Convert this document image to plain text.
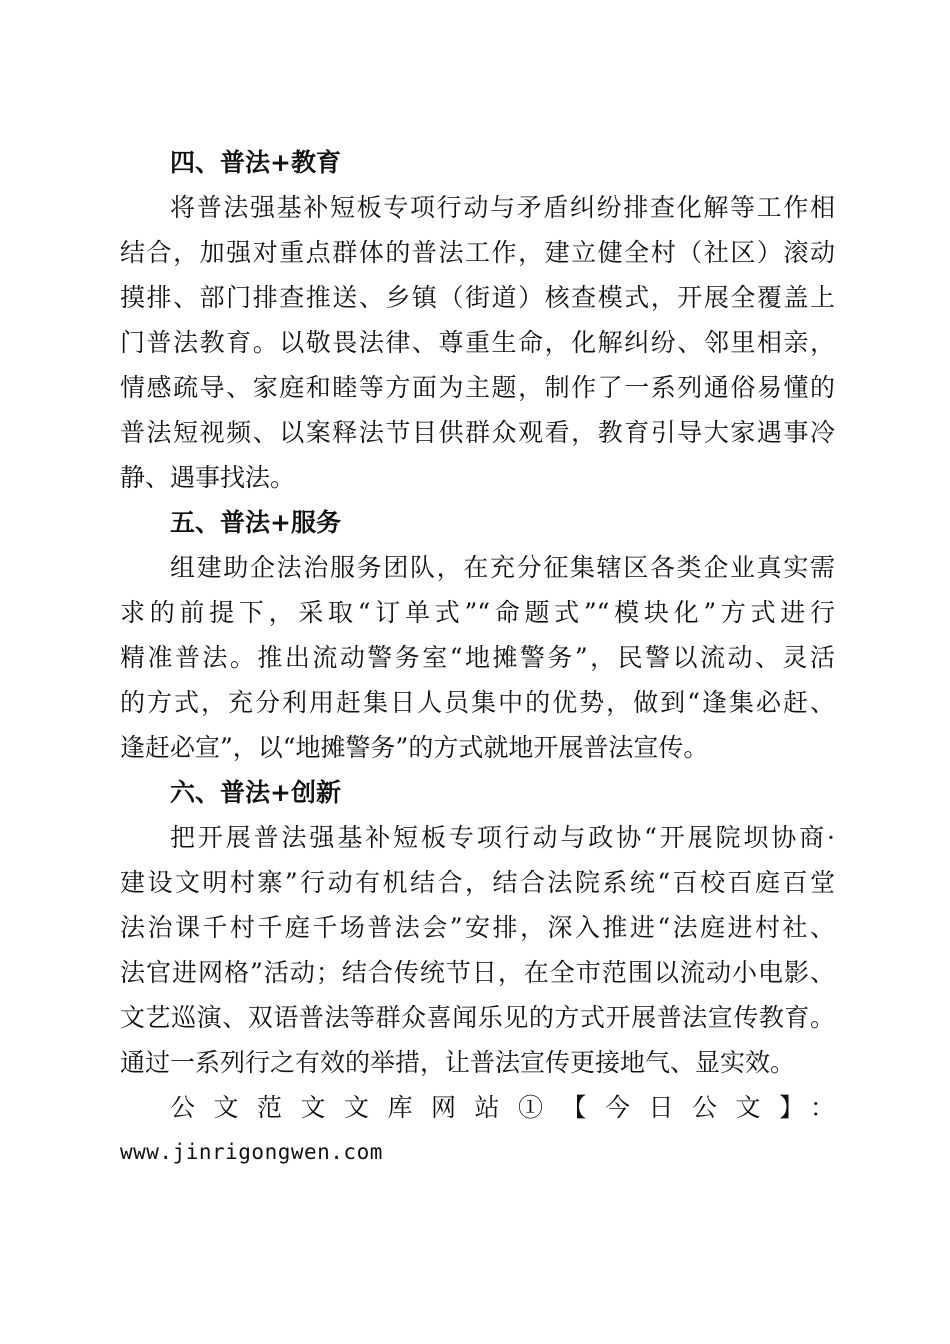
四、普法+教育
将普法强基补短板专项行动与矛盾纠纷排查化解等工作相
结合，加强对重点群体的普法工作，建立健全村（社区）滚动
摸排、部门排查推送、乡镇（街道）核查模式，开展全覆盖上
门普法教育。以敬畏法律、尊重生命，化解纠纷、邻里相亲，
情感疏导、家庭和睦等方面为主题，制作了一系列通俗易懂的
普法短视频、以案释法节目供群众观看，教育引导大家遇事冷
静、遇事找法。
五、普法+服务
组建助企法治服务团队，在充分征集辖区各类企业真实需
求的前提下，采取“订单式”“命题式”“模块化”方式进行
精准普法。推出流动警务室“地摊警务”，民警以流动、灵活
的方式，充分利用赶集日人员集中的优势，做到“逢集必赶、
逢赶必宣”，以“地摊警务”的方式就地开展普法宣传。
六、普法+创新
把开展普法强基补短板专项行动与政协“开展院坝协商·
建设文明村寨”行动有机结合，结合法院系统“百校百庭百堂
法治课千村千庭千场普法会”安排，深入推进“法庭进村社、
法官进网格”活动；结合传统节日，在全市范围以流动小电影、
文艺巡演、双语普法等群众喜闻乐见的方式开展普法宣传教育。
通过一系列行之有效的举措，让普法宣传更接地气、显实效。
公文范文文库网站①【今日公文】：
www.jinrigongwen.com
